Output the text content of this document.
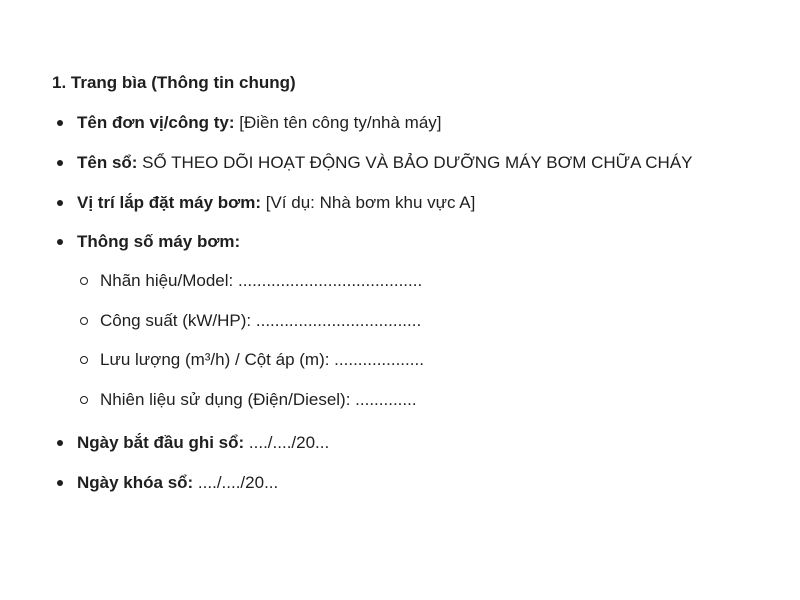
1. Trang bìa (Thông tin chung)
Tên đơn vị/công ty: [Điền tên công ty/nhà máy]
Tên sổ: SỔ THEO DÕI HOẠT ĐỘNG VÀ BẢO DƯỠNG MÁY BƠM CHỮA CHÁY
Vị trí lắp đặt máy bơm: [Ví dụ: Nhà bơm khu vực A]
Thông số máy bơm:
Nhãn hiệu/Model: .......................................
Công suất (kW/HP): ...................................
Lưu lượng (m³/h) / Cột áp (m): ...................
Nhiên liệu sử dụng (Điện/Diesel): .............
Ngày bắt đầu ghi sổ: ..../..../20...
Ngày khóa sổ: ..../..../20...
